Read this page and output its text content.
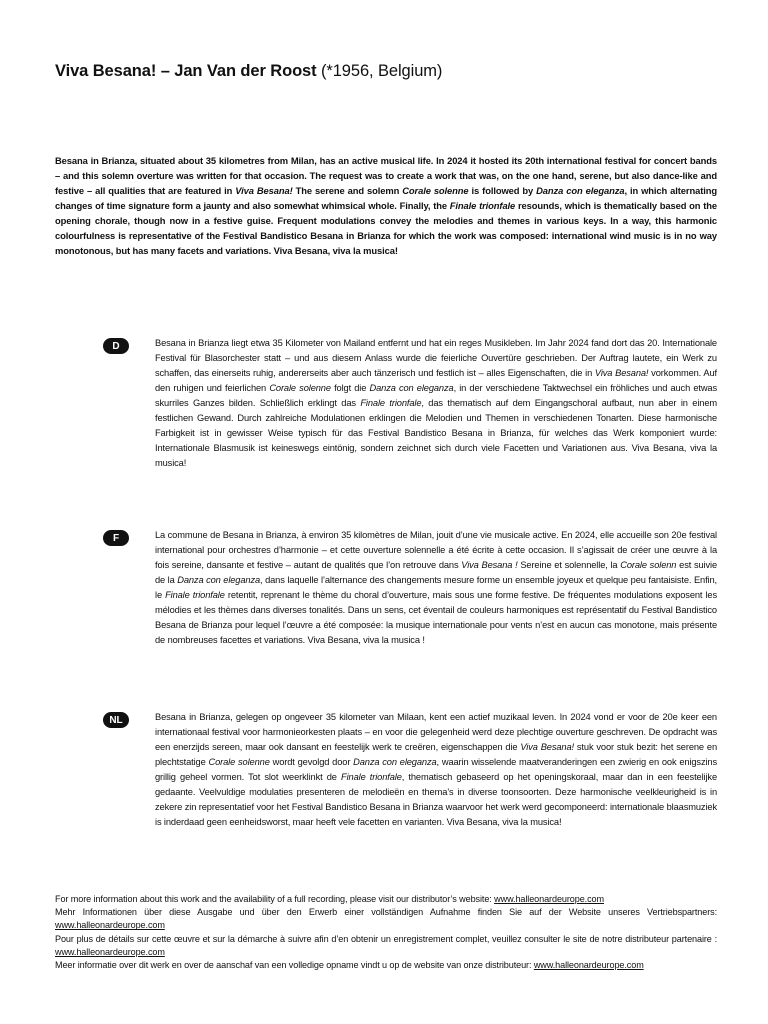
Viva Besana! – Jan Van der Roost (*1956, Belgium)
Besana in Brianza, situated about 35 kilometres from Milan, has an active musical life. In 2024 it hosted its 20th international festival for concert bands – and this solemn overture was written for that occasion. The request was to create a work that was, on the one hand, serene, but also dance-like and festive – all qualities that are featured in Viva Besana! The serene and solemn Corale solenne is followed by Danza con eleganza, in which alternating changes of time signature form a jaunty and also somewhat whimsical whole. Finally, the Finale trionfale resounds, which is thematically based on the opening chorale, though now in a festive guise. Frequent modulations convey the melodies and themes in various keys. In a way, this harmonic colourfulness is representative of the Festival Bandistico Besana in Brianza for which the work was composed: international wind music is in no way monotonous, but has many facets and variations. Viva Besana, viva la musica!
D	Besana in Brianza liegt etwa 35 Kilometer von Mailand entfernt und hat ein reges Musikleben. Im Jahr 2024 fand dort das 20. Internationale Festival für Blasorchester statt – und aus diesem Anlass wurde die feierliche Ouvertüre geschrieben. Der Auftrag lautete, ein Werk zu schaffen, das einerseits ruhig, andererseits aber auch tänzerisch und festlich ist – alles Eigenschaften, die in Viva Besana! vorkommen. Auf den ruhigen und feierlichen Corale solenne folgt die Danza con eleganza, in der verschiedene Taktwechsel ein fröhliches und auch etwas skurriles Ganzes bilden. Schließlich erklingt das Finale trionfale, das thematisch auf dem Eingangschoral aufbaut, nun aber in einem festlichen Gewand. Durch zahlreiche Modulationen erklingen die Melodien und Themen in verschiedenen Tonarten. Diese harmonische Farbigkeit ist in gewisser Weise typisch für das Festival Bandistico Besana in Brianza, für welches das Werk komponiert wurde: Internationale Blasmusik ist keineswegs eintönig, sondern zeichnet sich durch viele Facetten und Variationen aus. Viva Besana, viva la musica!
F	La commune de Besana in Brianza, à environ 35 kilomètres de Milan, jouit d’une vie musicale active. En 2024, elle accueille son 20e festival international pour orchestres d’harmonie – et cette ouverture solennelle a été écrite à cette occasion. Il s’agissait de créer une œuvre à la fois sereine, dansante et festive – autant de qualités que l’on retrouve dans Viva Besana ! Sereine et solennelle, la Corale solenn est suivie de la Danza con eleganza, dans laquelle l’alternance des changements mesure forme un ensemble joyeux et quelque peu fantaisiste. Enfin, le Finale trionfale retentit, reprenant le thème du choral d’ouverture, mais sous une forme festive. De fréquentes modulations exposent les mélodies et les thèmes dans diverses tonalités. Dans un sens, cet éventail de couleurs harmoniques est représentatif du Festival Bandistico Besana de Brianza pour lequel l’œuvre a été composée: la musique internationale pour vents n’est en aucun cas monotone, mais présente de nombreuses facettes et variations. Viva Besana, viva la musica !
NL	Besana in Brianza, gelegen op ongeveer 35 kilometer van Milaan, kent een actief muzikaal leven. In 2024 vond er voor de 20e keer een internationaal festival voor harmonieorkesten plaats – en voor die gelegenheid werd deze plechtige ouverture geschreven. De opdracht was een enerzijds sereen, maar ook dansant en feestelijk werk te creëren, eigenschappen die Viva Besana! stuk voor stuk bezit: het serene en plechtstatige Corale solenne wordt gevolgd door Danza con eleganza, waarin wisselende maatveranderingen een zwierig en ook enigszins grillig geheel vormen. Tot slot weerklinkt de Finale trionfale, thematisch gebaseerd op het openingskoraal, maar dan in een feestelijke gedaante. Veelvuldige modulaties presenteren de melodieën en thema’s in diverse toonsoorten. Deze harmonische veelkleurigheid is in zekere zin representatief voor het Festival Bandistico Besana in Brianza waarvoor het werk werd gecomponeerd: internationale blaasmuziek is inderdaad geen eenheidsworst, maar heeft vele facetten en varianten. Viva Besana, viva la musica!
For more information about this work and the availability of a full recording, please visit our distributor’s website: www.halleonardeurope.com
Mehr Informationen über diese Ausgabe und über den Erwerb einer vollständigen Aufnahme finden Sie auf der Website unseres Vertriebspartners: www.halleonardeurope.com
Pour plus de détails sur cette œuvre et sur la démarche à suivre afin d’en obtenir un enregistrement complet, veuillez consulter le site de notre distributeur partenaire : www.halleonardeurope.com
Meer informatie over dit werk en over de aanschaf van een volledige opname vindt u op de website van onze distributeur: www.halleonardeurope.com
